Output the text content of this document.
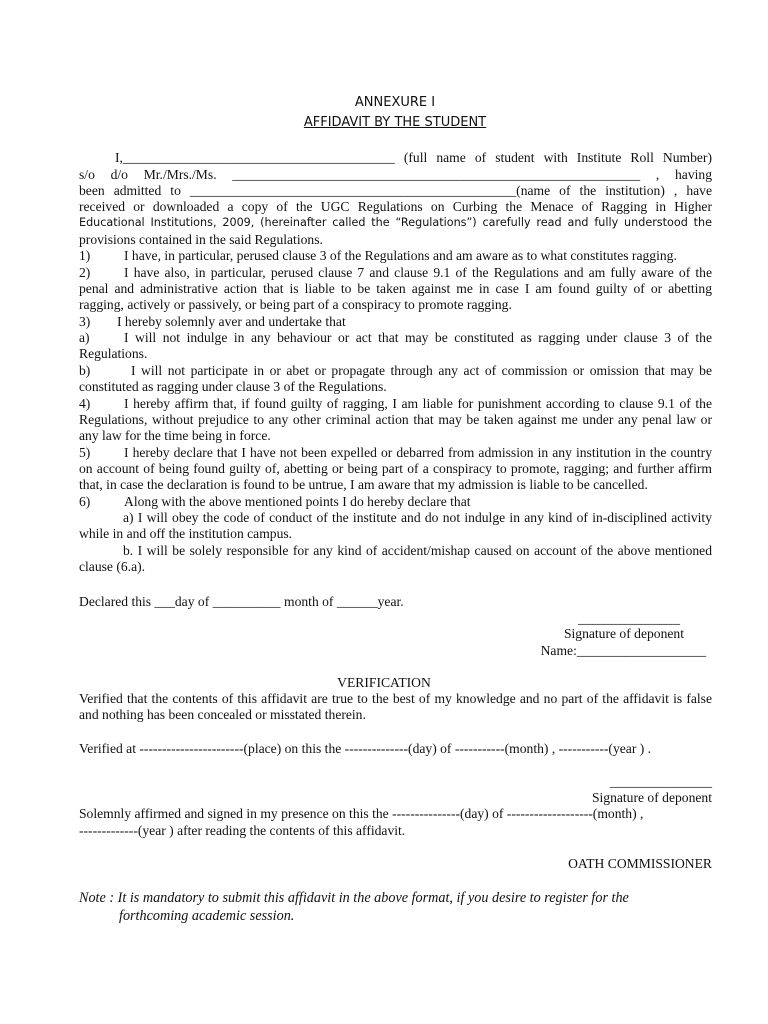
ANNEXURE I
AFFIDAVIT BY THE STUDENT
I,________________________________________ (full name of student with Institute Roll Number)
s/o d/o Mr./Mrs./Ms. ____________________________________________________________ , having
been admitted to ________________________________________________(name of the institution) , have
received or downloaded a copy of the UGC Regulations on Curbing the Menace of Ragging in Higher
Educational Institutions, 2009, (hereinafter called the “Regulations”) carefully read and fully understood the
provisions contained in the said Regulations.
1) I have, in particular, perused clause 3 of the Regulations and am aware as to what constitutes ragging.
2) I have also, in particular, perused clause 7 and clause 9.1 of the Regulations and am fully aware of the
penal and administrative action that is liable to be taken against me in case I am found guilty of or abetting
ragging, actively or passively, or being part of a conspiracy to promote ragging.
3) I hereby solemnly aver and undertake that
a)	I will not indulge in any behaviour or act that may be constituted as ragging under clause 3 of the
Regulations.
b)	I will not participate in or abet or propagate through any act of commission or omission that may be
constituted as ragging under clause 3 of the Regulations.
4) I hereby affirm that, if found guilty of ragging, I am liable for punishment according to clause 9.1 of the
Regulations, without prejudice to any other criminal action that may be taken against me under any penal law or
any law for the time being in force.
5) I hereby declare that I have not been expelled or debarred from admission in any institution in the country
on account of being found guilty of, abetting or being part of a conspiracy to promote, ragging; and further affirm
that, in case the declaration is found to be untrue, I am aware that my admission is liable to be cancelled.
6) Along with the above mentioned points I do hereby declare that
a) I will obey the code of conduct of the institute and do not indulge in any kind of in-disciplined activity
while in and off the institution campus.
b. I will be solely responsible for any kind of accident/mishap caused on account of the above mentioned
clause (6.a).
Declared this ___day of __________ month of ______year.
_______________
Signature of deponent
Name:___________________
VERIFICATION
Verified that the contents of this affidavit are true to the best of my knowledge and no part of the affidavit is false
and nothing has been concealed or misstated therein.
Verified at -----------------------(place) on this the --------------(day) of -----------(month) , -----------(year ) .
_______________
Signature of deponent
Solemnly affirmed and signed in my presence on this the ---------------(day) of -------------------(month) ,
-------------(year ) after reading the contents of this affidavit.
OATH COMMISSIONER
Note : It is mandatory to submit this affidavit in the above format, if you desire to register for the
forthcoming academic session.
